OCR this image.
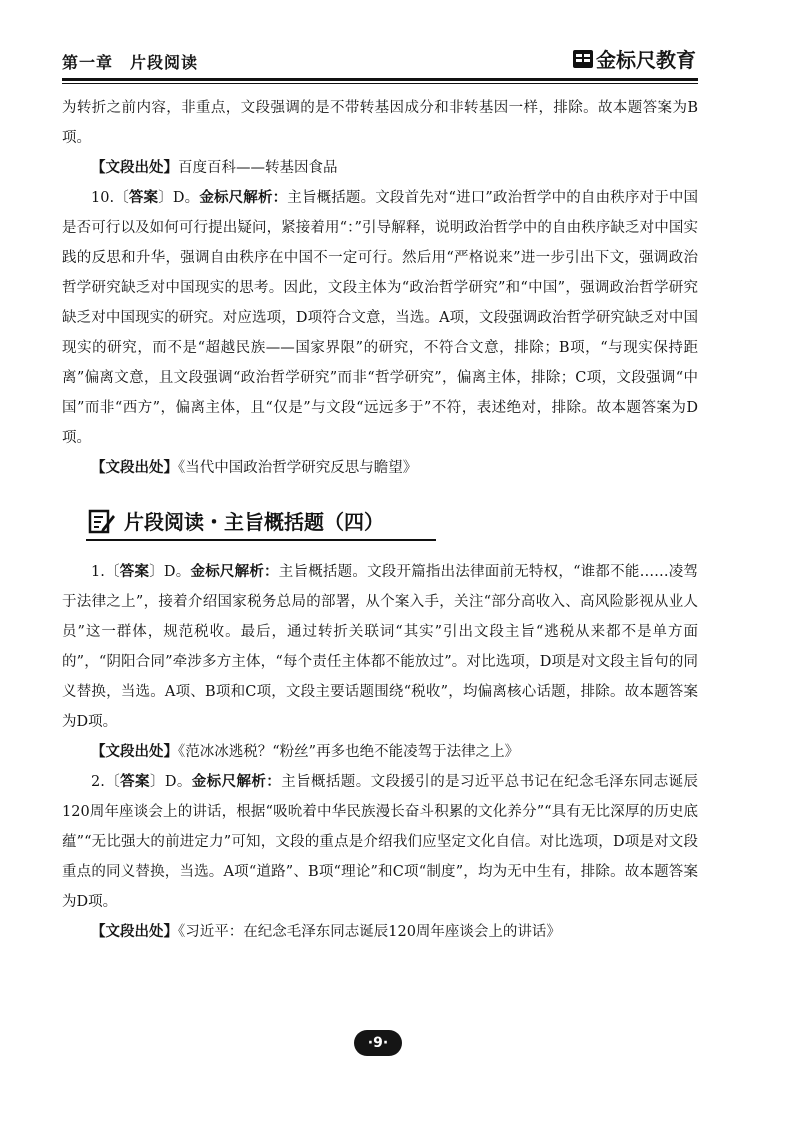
第一章　片段阅读	金标尺教育

为转折之前内容，非重点，文段强调的是不带转基因成分和非转基因一样，排除。故本题答案为B项。

【文段出处】百度百科——转基因食品

10.〔答案〕D。金标尺解析：主旨概括题。文段首先对“进口”政治哲学中的自由秩序对于中国是否可行以及如何可行提出疑问，紧接着用“：”引导解释，说明政治哲学中的自由秩序缺乏对中国实践的反思和升华，强调自由秩序在中国不一定可行。然后用“严格说来”进一步引出下文，强调政治哲学研究缺乏对中国现实的思考。因此，文段主体为“政治哲学研究”和“中国”，强调政治哲学研究缺乏对中国现实的研究。对应选项，D项符合文意，当选。A项，文段强调政治哲学研究缺乏对中国现实的研究，而不是“超越民族——国家界限”的研究，不符合文意，排除；B项，“与现实保持距离”偏离文意，且文段强调“政治哲学研究”而非“哲学研究”，偏离主体，排除；C项，文段强调“中国”而非“西方”，偏离主体，且“仅是”与文段“远远多于”不符，表述绝对，排除。故本题答案为D项。

【文段出处】《当代中国政治哲学研究反思与瞻望》

片段阅读・主旨概括题（四）

1.〔答案〕D。金标尺解析：主旨概括题。文段开篇指出法律面前无特权，“谁都不能……凌驾于法律之上”，接着介绍国家税务总局的部署，从个案入手，关注“部分高收入、高风险影视从业人员”这一群体，规范税收。最后，通过转折关联词“其实”引出文段主旨“逃税从来都不是单方面的”，“阴阳合同”牵涉多方主体，“每个责任主体都不能放过”。对比选项，D项是对文段主旨句的同义替换，当选。A项、B项和C项，文段主要话题围绕“税收”，均偏离核心话题，排除。故本题答案为D项。

【文段出处】《范冰冰逃税？“粉丝”再多也绝不能凌驾于法律之上》

2.〔答案〕D。金标尺解析：主旨概括题。文段援引的是习近平总书记在纪念毛泽东同志诞辰120周年座谈会上的讲话，根据“吸吮着中华民族漫长奋斗积累的文化养分”“具有无比深厚的历史底蕴”“无比强大的前进定力”可知，文段的重点是介绍我们应坚定文化自信。对比选项，D项是对文段重点的同义替换，当选。A项“道路”、B项“理论”和C项“制度”，均为无中生有，排除。故本题答案为D项。

【文段出处】《习近平：在纪念毛泽东同志诞辰120周年座谈会上的讲话》

·9·
